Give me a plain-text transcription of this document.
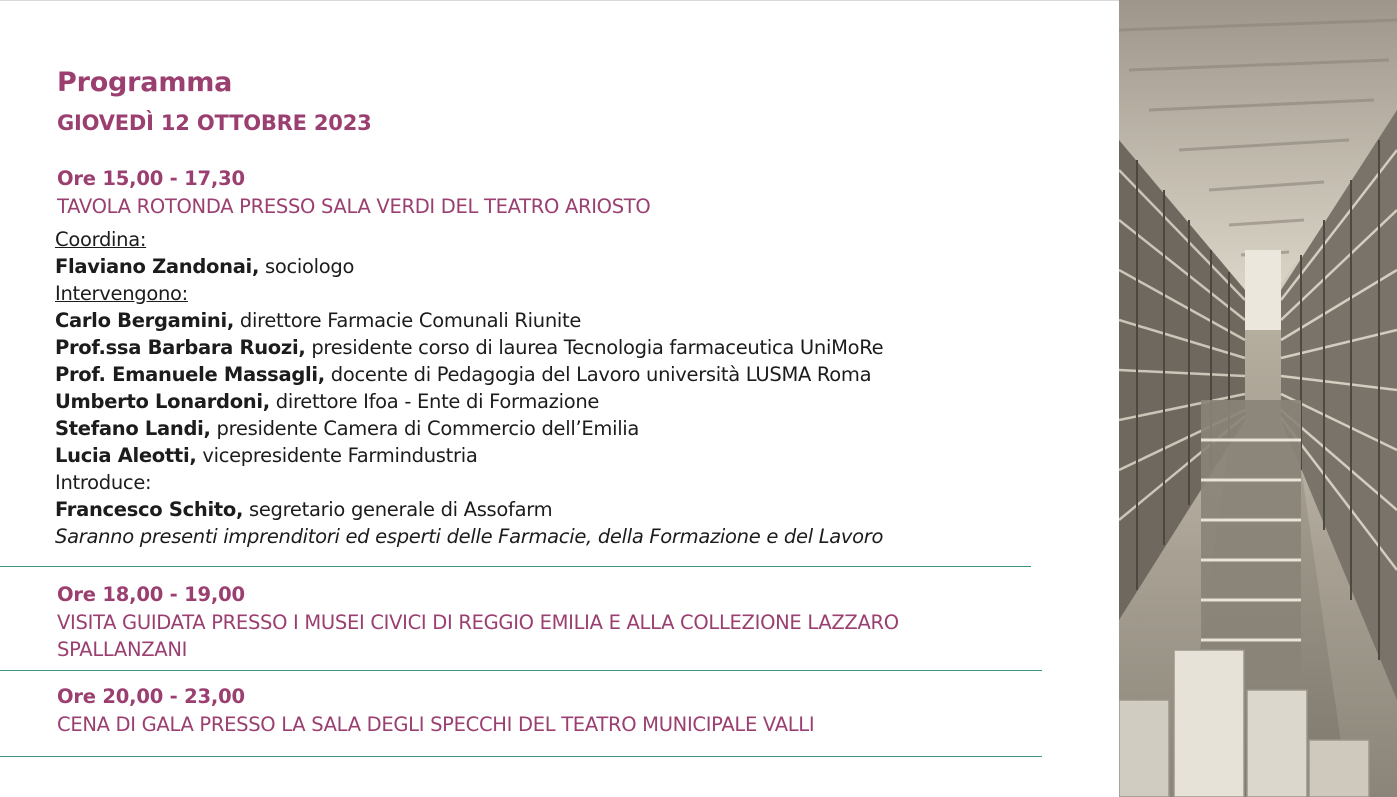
Programma
GIOVEDÌ 12 OTTOBRE 2023

Ore 15,00 - 17,30

TAVOLA ROTONDA PRESSO SALA VERDI DEL TEATRO ARIOSTO

Coordina:

Flaviano Zandonai, sociologo

Intervengono:

Carlo Bergamini, direttore Farmacie Comunali Riunite

Prof.ssa Barbara Ruozi, presidente corso di laurea Tecnologia farmaceutica UniMoRe

Prof. Emanuele Massagli, docente di Pedagogia del Lavoro università LUSMA Roma

Umberto Lonardoni, direttore Ifoa - Ente di Formazione

Stefano Landi, presidente Camera di Commercio dell’Emilia

Lucia Aleotti, vicepresidente Farmindustria

Introduce:

Francesco Schito, segretario generale di Assofarm

Saranno presenti imprenditori ed esperti delle Farmacie, della Formazione e del Lavoro

Ore 18,00 - 19,00

VISITA GUIDATA PRESSO I MUSEI CIVICI DI REGGIO EMILIA E ALLA COLLEZIONE LAZZARO SPALLANZANI

Ore 20,00 - 23,00

CENA DI GALA PRESSO LA SALA DEGLI SPECCHI DEL TEATRO MUNICIPALE VALLI
